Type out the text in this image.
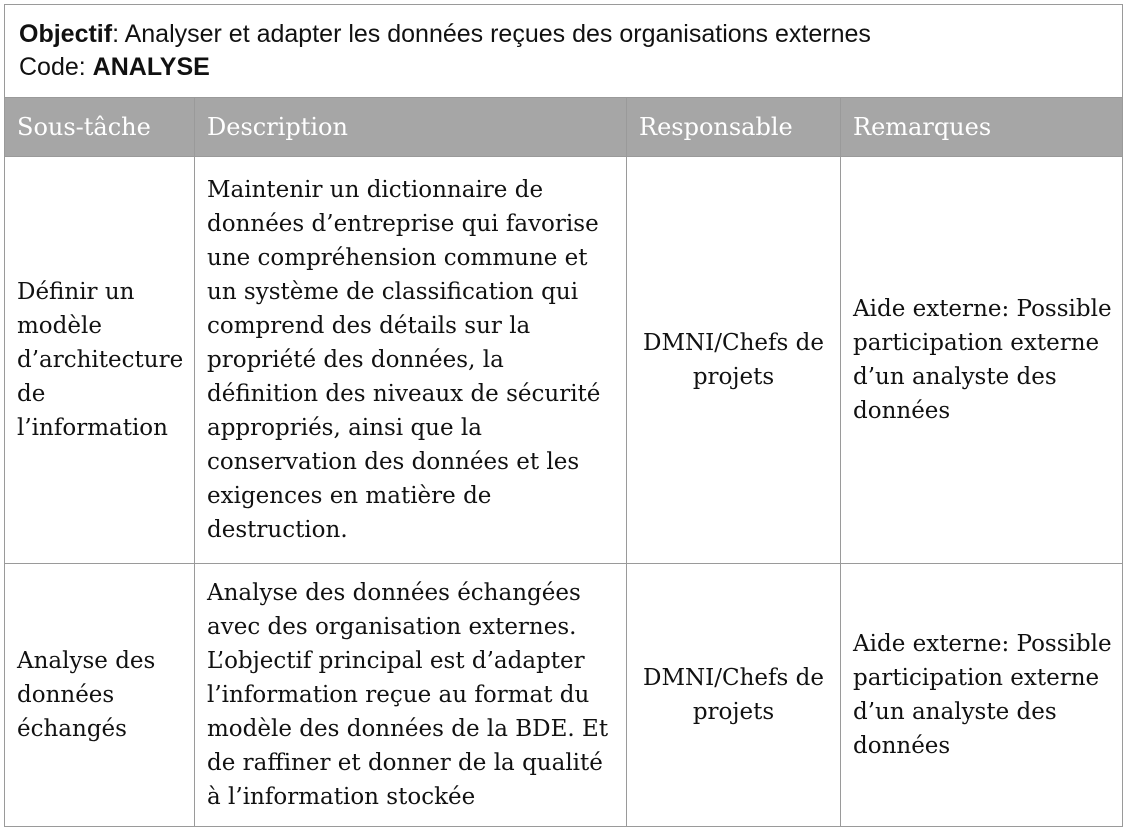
Objectif: Analyser et adapter les données reçues des organisations externes
Code: ANALYSE			
Sous-tâche	Description	Responsable	Remarques
Définir un modèle d’architecture de l’information	Maintenir un dictionnaire de données d’entreprise qui favorise une compréhension commune et un système de classification qui comprend des détails sur la propriété des données, la définition des niveaux de sécurité appropriés, ainsi que la conservation des données et les exigences en matière de destruction.	DMNI/Chefs de projets	Aide externe: Possible participation externe d’un analyste des données
Analyse des données échangés	Analyse des données échangées avec des organisation externes. L’objectif principal est d’adapter l’information reçue au format du modèle des données de la BDE. Et de raffiner et donner de la qualité à l’information stockée	DMNI/Chefs de projets	Aide externe: Possible participation externe d’un analyste des données
